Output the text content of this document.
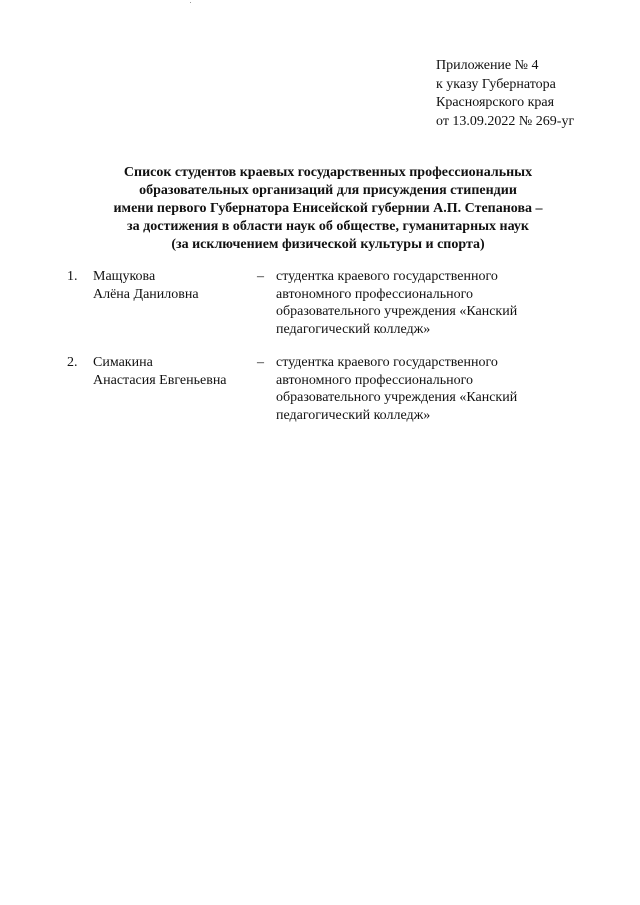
Приложение № 4
к указу Губернатора
Красноярского края
от 13.09.2022 № 269-уг
Список студентов краевых государственных профессиональных
образовательных организаций для присуждения стипендии
имени первого Губернатора Енисейской губернии А.П. Степанова –
за достижения в области наук об обществе, гуманитарных наук
(за исключением физической культуры и спорта)
1. Мащукова
Алёна Даниловна
– студентка краевого государственного
автономного профессионального
образовательного учреждения «Канский
педагогический колледж»
2. Симакина
Анастасия Евгеньевна
– студентка краевого государственного
автономного профессионального
образовательного учреждения «Канский
педагогический колледж»
